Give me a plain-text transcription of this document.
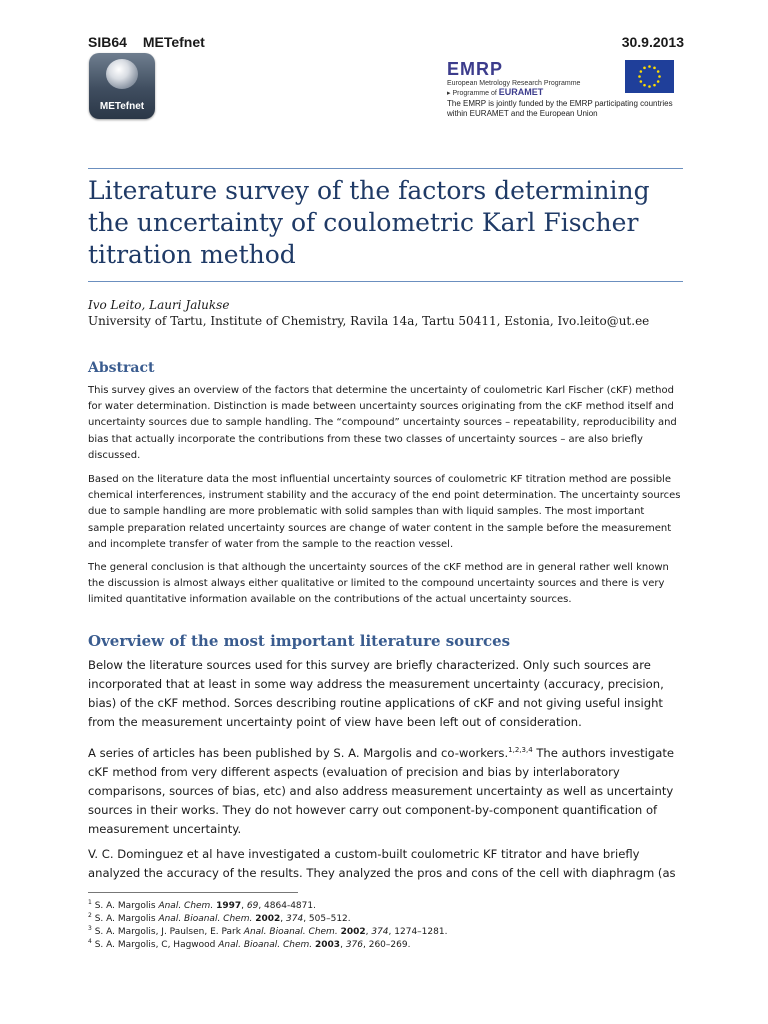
SIB64 METefnet	30.9.2013
METefnet
EMRP
European Metrology Research Programme
▸ Programme of EURAMET
The EMRP is jointly funded by the EMRP participating countries
within EURAMET and the European Union
Literature survey of the factors determining
the uncertainty of coulometric Karl Fischer
titration method
Ivo Leito, Lauri Jalukse
University of Tartu, Institute of Chemistry, Ravila 14a, Tartu 50411, Estonia, Ivo.leito@ut.ee
Abstract
This survey gives an overview of the factors that determine the uncertainty of coulometric Karl Fischer (cKF) method for water determination. Distinction is made between uncertainty sources originating from the cKF method itself and uncertainty sources due to sample handling. The “compound” uncertainty sources – repeatability, reproducibility and bias that actually incorporate the contributions from these two classes of uncertainty sources – are also briefly discussed.
Based on the literature data the most influential uncertainty sources of coulometric KF titration method are possible chemical interferences, instrument stability and the accuracy of the end point determination. The uncertainty sources due to sample handling are more problematic with solid samples than with liquid samples. The most important sample preparation related uncertainty sources are change of water content in the sample before the measurement and incomplete transfer of water from the sample to the reaction vessel.
The general conclusion is that although the uncertainty sources of the cKF method are in general rather well known the discussion is almost always either qualitative or limited to the compound uncertainty sources and there is very limited quantitative information available on the contributions of the actual uncertainty sources.
Overview of the most important literature sources
Below the literature sources used for this survey are briefly characterized. Only such sources are incorporated that at least in some way address the measurement uncertainty (accuracy, precision, bias) of the cKF method. Sorces describing routine applications of cKF and not giving useful insight from the measurement uncertainty point of view have been left out of consideration.
A series of articles has been published by S. A. Margolis and co-workers.$^{1,2,3,4}$ The authors investigate cKF method from very different aspects (evaluation of precision and bias by interlaboratory comparisons, sources of bias, etc) and also address measurement uncertainty as well as uncertainty sources in their works. They do not however carry out component-by-component quantification of measurement uncertainty.
V. C. Dominguez et al have investigated a custom-built coulometric KF titrator and have briefly analyzed the accuracy of the results. They analyzed the pros and cons of the cell with diaphragm (as
$^1$ S. A. Margolis Anal. Chem. 1997, 69, 4864-4871.
$^2$ S. A. Margolis Anal. Bioanal. Chem. 2002, 374, 505–512.
$^3$ S. A. Margolis, J. Paulsen, E. Park Anal. Bioanal. Chem. 2002, 374, 1274–1281.
$^4$ S. A. Margolis, C, Hagwood Anal. Bioanal. Chem. 2003, 376, 260–269.
